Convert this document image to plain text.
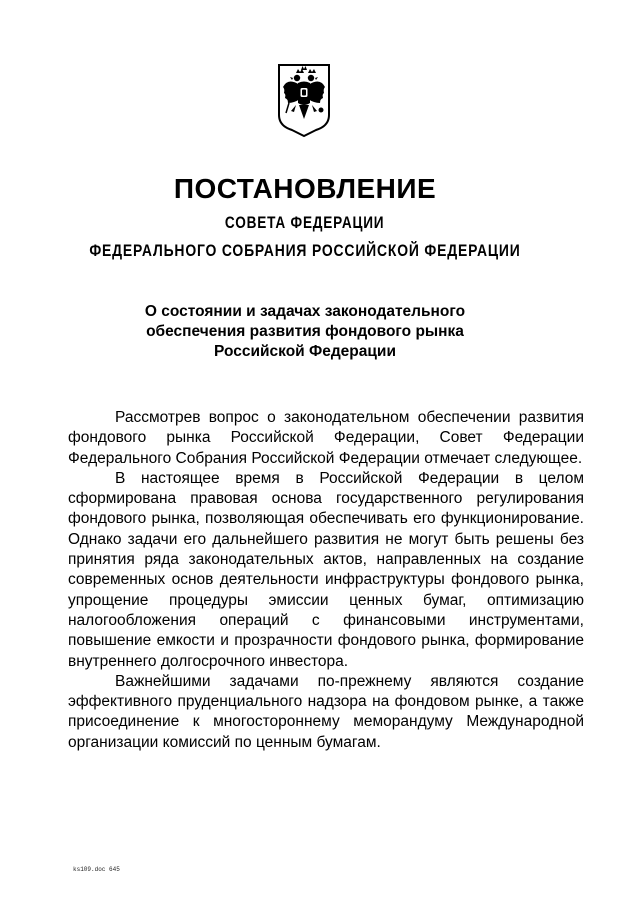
ПОСТАНОВЛЕНИЕ
СОВЕТА ФЕДЕРАЦИИ
ФЕДЕРАЛЬНОГО СОБРАНИЯ РОССИЙСКОЙ ФЕДЕРАЦИИ
О состоянии и задачах законодательного
обеспечения развития фондового рынка
Российской Федерации

Рассмотрев вопрос о законодательном обеспечении развития фондового рынка Российской Федерации, Совет Федерации Федерального Собрания Российской Федерации отмечает следующее.

В настоящее время в Российской Федерации в целом сформирована правовая основа государственного регулирования фондового рынка, позволяющая обеспечивать его функционирование. Однако задачи его дальнейшего развития не могут быть решены без принятия ряда законодательных актов, направленных на создание современных основ деятельности инфраструктуры фондового рынка, упрощение процедуры эмиссии ценных бумаг, оптимизацию налогообложения операций с финансовыми инструментами, повышение емкости и прозрачности фондового рынка, формирование внутреннего долгосрочного инвестора.

Важнейшими задачами по-прежнему являются создание эффективного пруденциального надзора на фондовом рынке, а также присоединение к многостороннему меморандуму Международной организации комиссий по ценным бумагам.

ks109.doc 645
